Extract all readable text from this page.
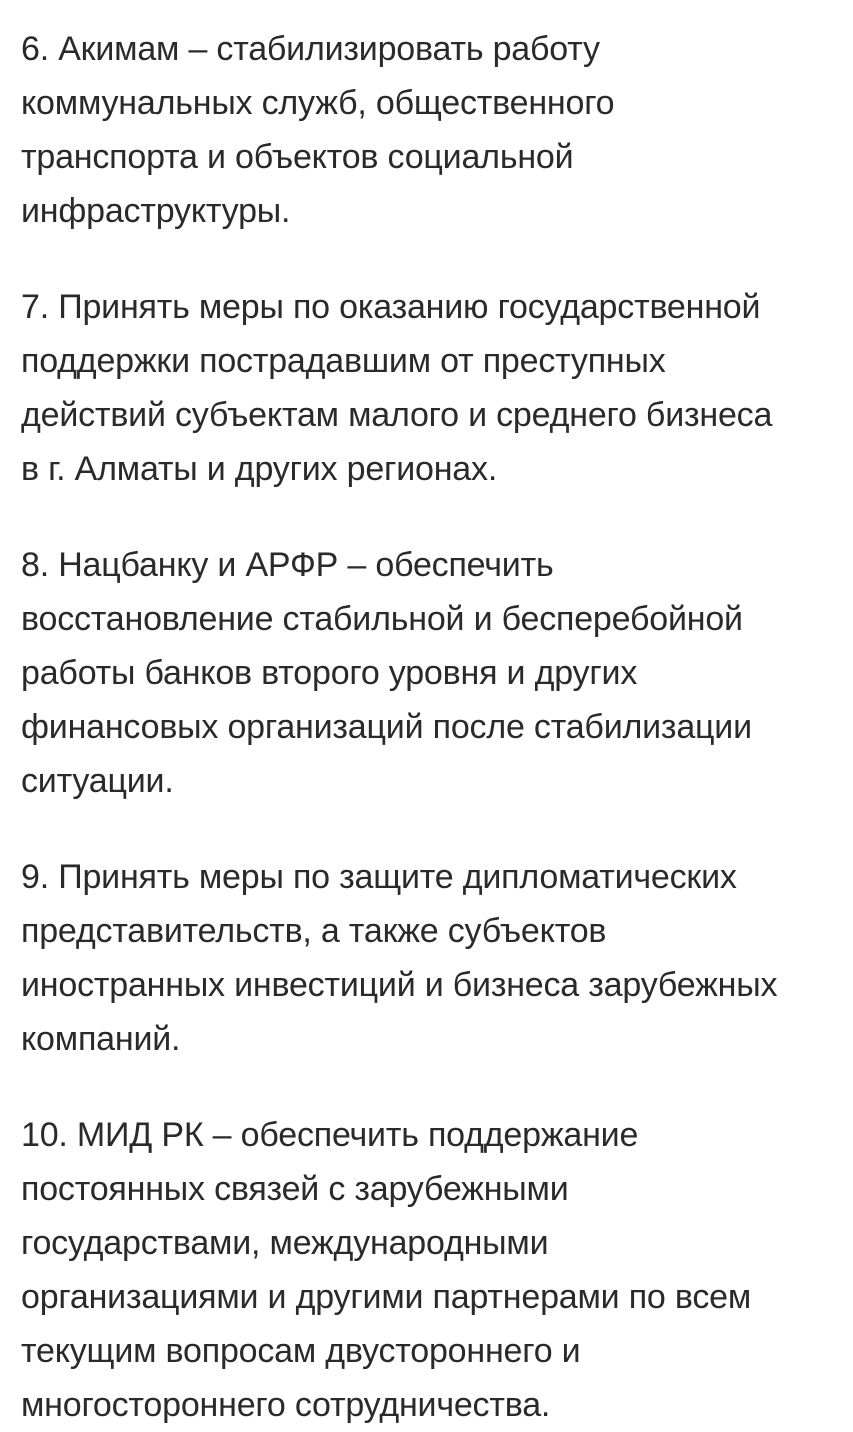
6. Акимам – стабилизировать работу
коммунальных служб, общественного
транспорта и объектов социальной
инфраструктуры.
7. Принять меры по оказанию государственной
поддержки пострадавшим от преступных
действий субъектам малого и среднего бизнеса
в г. Алматы и других регионах.
8. Нацбанку и АРФР – обеспечить
восстановление стабильной и бесперебойной
работы банков второго уровня и других
финансовых организаций после стабилизации
ситуации.
9. Принять меры по защите дипломатических
представительств, а также субъектов
иностранных инвестиций и бизнеса зарубежных
компаний.
10. МИД РК – обеспечить поддержание
постоянных связей с зарубежными
государствами, международными
организациями и другими партнерами по всем
текущим вопросам двустороннего и
многостороннего сотрудничества.
